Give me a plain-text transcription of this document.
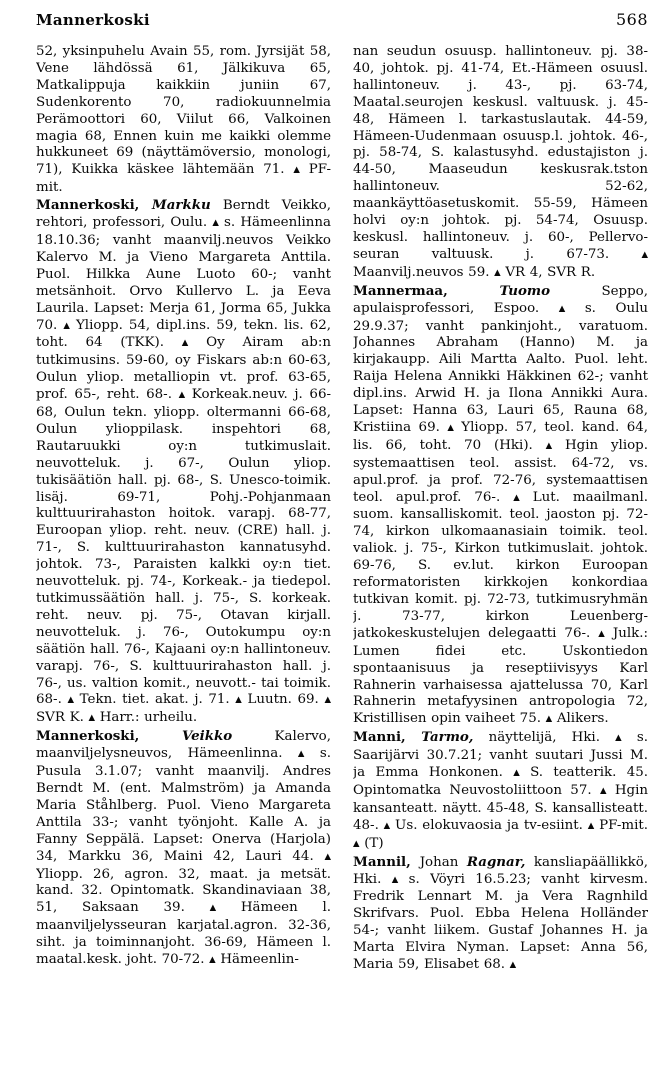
Mannerkoski	568

52, yksinpuhelu Avain 55, rom. Jyrsijät 58, Vene lähdössä 61, Jälkikuva 65, Matkalippuja kaikkiin juniin 67, Sudenkorento 70, radiokuunnelmia Perämoottori 60, Viilut 66, Valkoinen magia 68, Ennen kuin me kaikki olemme hukkuneet 69 (näyttämöversio, monologi, 71), Kuikka käskee lähtemään 71. ▲ PF-mit.

Mannerkoski, Markku Berndt Veikko, rehtori, professori, Oulu. ▲ s. Hämeenlinna 18.10.36; vanht maanvilj.neuvos Veikko Kalervo M. ja Vieno Margareta Anttila. Puol. Hilkka Aune Luoto 60-; vanht metsänhoit. Orvo Kullervo L. ja Eeva Laurila. Lapset: Merja 61, Jorma 65, Jukka 70. ▲ Yliopp. 54, dipl.ins. 59, tekn. lis. 62, toht. 64 (TKK). ▲ Oy Airam ab:n tutkimusins. 59-60, oy Fiskars ab:n 60-63, Oulun yliop. metalliopin vt. prof. 63-65, prof. 65-, reht. 68-. ▲ Korkeak.neuv. j. 66-68, Oulun tekn. yliopp. oltermanni 66-68, Oulun ylioppilask. inspehtori 68, Rautaruukki oy:n tutkimuslait. neuvotteluk. j. 67-, Oulun yliop. tukisäätiön hall. pj. 68-, S. Unesco-toimik. lisäj. 69-71, Pohj.-Pohjanmaan kulttuurirahaston hoitok. varapj. 68-77, Euroopan yliop. reht. neuv. (CRE) hall. j. 71-, S. kulttuurirahaston kannatusyhd. johtok. 73-, Paraisten kalkki oy:n tiet. neuvotteluk. pj. 74-, Korkeak.- ja tiedepol. tutkimussäätiön hall. j. 75-, S. korkeak. reht. neuv. pj. 75-, Otavan kirjall. neuvotteluk. j. 76-, Outokumpu oy:n säätiön hall. 76-, Kajaani oy:n hallintoneuv. varapj. 76-, S. kulttuurirahaston hall. j. 76-, us. valtion komit., neuvott.- tai toimik. 68-. ▲ Tekn. tiet. akat. j. 71. ▲ Luutn. 69. ▲ SVR K. ▲ Harr.: urheilu.

Mannerkoski, Veikko Kalervo, maanviljelysneuvos, Hämeenlinna. ▲ s. Pusula 3.1.07; vanht maanvilj. Andres Berndt M. (ent. Malmström) ja Amanda Maria Ståhlberg. Puol. Vieno Margareta Anttila 33-; vanht työnjoht. Kalle A. ja Fanny Seppälä. Lapset: Onerva (Harjola) 34, Markku 36, Maini 42, Lauri 44. ▲ Yliopp. 26, agron. 32, maat. ja metsät. kand. 32. Opintomatk. Skandinaviaan 38, 51, Saksaan 39. ▲ Hämeen l. maanviljelysseuran karjatal.agron. 32-36, siht. ja toiminnanjoht. 36-69, Hämeen l. maatal.kesk. joht. 70-72. ▲ Hämeenlin-

nan seudun osuusp. hallintoneuv. pj. 38-40, johtok. pj. 41-74, Et.-Hämeen osuusl. hallintoneuv. j. 43-, pj. 63-74, Maatal.seurojen keskusl. valtuusk. j. 45-48, Hämeen l. tarkastuslautak. 44-59, Hämeen-Uudenmaan osuusp.l. johtok. 46-, pj. 58-74, S. kalastusyhd. edustajiston j. 44-50, Maaseudun keskusrak.tston hallintoneuv. 52-62, maankäyttöasetuskomit. 55-59, Hämeen holvi oy:n johtok. pj. 54-74, Osuusp. keskusl. hallintoneuv. j. 60-, Pellervo-seuran valtuusk. j. 67-73. ▲ Maanvilj.neuvos 59. ▲ VR 4, SVR R.

Mannermaa, Tuomo Seppo, apulaisprofessori, Espoo. ▲ s. Oulu 29.9.37; vanht pankinjoht., varatuom. Johannes Abraham (Hanno) M. ja kirjakaupp. Aili Martta Aalto. Puol. leht. Raija Helena Annikki Häkkinen 62-; vanht dipl.ins. Arwid H. ja Ilona Annikki Aura. Lapset: Hanna 63, Lauri 65, Rauna 68, Kristiina 69. ▲ Yliopp. 57, teol. kand. 64, lis. 66, toht. 70 (Hki). ▲ Hgin yliop. systemaattisen teol. assist. 64-72, vs. apul.prof. ja prof. 72-76, systemaattisen teol. apul.prof. 76-. ▲ Lut. maailmanl. suom. kansalliskomit. teol. jaoston pj. 72-74, kirkon ulkomaanasiain toimik. teol. valiok. j. 75-, Kirkon tutkimuslait. johtok. 69-76, S. ev.lut. kirkon Euroopan reformatoristen kirkkojen konkordiaa tutkivan komit. pj. 72-73, tutkimusryhmän j. 73-77, kirkon Leuenberg-jatkokeskustelujen delegaatti 76-. ▲ Julk.: Lumen fidei etc. Uskontiedon spontaanisuus ja reseptiivisyys Karl Rahnerin varhaisessa ajattelussa 70, Karl Rahnerin metafyysinen antropologia 72, Kristillisen opin vaiheet 75. ▲ Alikers.

Manni, Tarmo, näyttelijä, Hki. ▲ s. Saarijärvi 30.7.21; vanht suutari Jussi M. ja Emma Honkonen. ▲ S. teatterik. 45. Opintomatka Neuvostoliittoon 57. ▲ Hgin kansanteatt. näytt. 45-48, S. kansallisteatt. 48-. ▲ Us. elokuvaosia ja tv-esiint. ▲ PF-mit. ▲ (T)

Mannil, Johan Ragnar, kansliapäällikkö, Hki. ▲ s. Vöyri 16.5.23; vanht kirvesm. Fredrik Lennart M. ja Vera Ragnhild Skrifvars. Puol. Ebba Helena Holländer 54-; vanht liikem. Gustaf Johannes H. ja Marta Elvira Nyman. Lapset: Anna 56, Maria 59, Elisabet 68. ▲
